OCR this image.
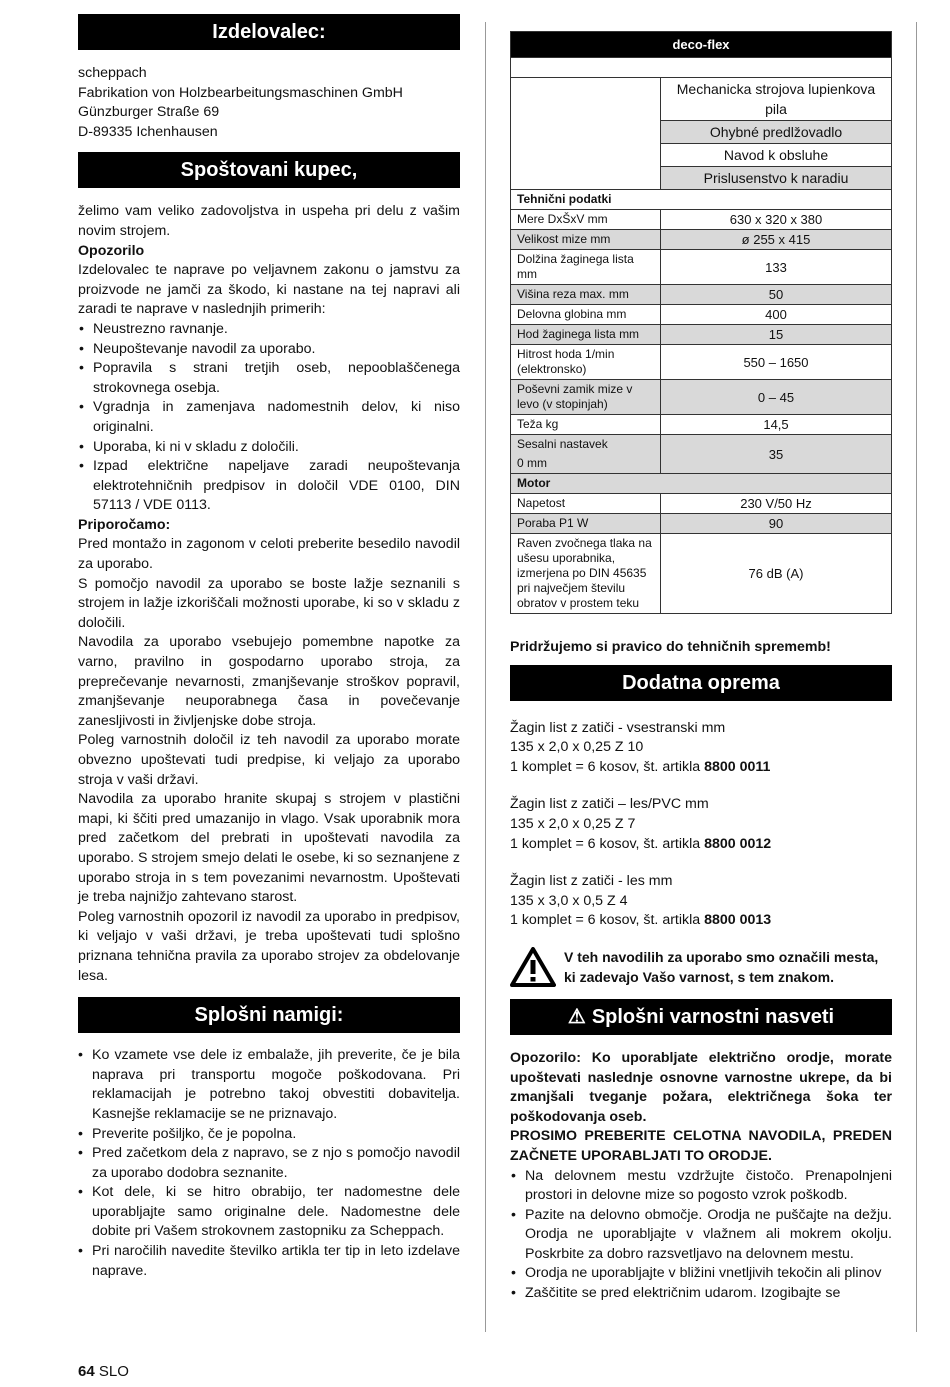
Izdelovalec:
scheppach
Fabrikation von Holzbearbeitungsmaschinen GmbH
Günzburger Straße 69
D-89335 Ichenhausen
Spoštovani kupec,

želimo vam veliko zadovoljstva in uspeha pri delu z vašim novim strojem.

Opozorilo

Izdelovalec te naprave po veljavnem zakonu o jamstvu za proizvode ne jamči za škodo, ki nastane na tej napravi ali zaradi te naprave v naslednjih primerih:

• Neustrezno ravnanje.
• Neupoštevanje navodil za uporabo.
• Popravila s strani tretjih oseb, nepooblaščenega strokovnega osebja.
• Vgradnja in zamenjava nadomestnih delov, ki niso originalni.
• Uporaba, ki ni v skladu z določili.
• Izpad električne napeljave zaradi neupoštevanja elektrotehničnih predpisov in določil VDE 0100, DIN 57113 / VDE 0113.

Priporočamo:

Pred montažo in zagonom v celoti preberite besedilo navodil za uporabo.

S pomočjo navodil za uporabo se boste lažje seznanili s strojem in lažje izkoriščali možnosti uporabe, ki so v skladu z določili.

Navodila za uporabo vsebujejo pomembne napotke za varno, pravilno in gospodarno uporabo stroja, za preprečevanje nevarnosti, zmanjševanje stroškov popravil, zmanjševanje neuporabnega časa in povečevanje zanesljivosti in življenjske dobe stroja.

Poleg varnostnih določil iz teh navodil za uporabo morate obvezno upoštevati tudi predpise, ki veljajo za uporabo stroja v vaši državi.

Navodila za uporabo hranite skupaj s strojem v plastični mapi, ki ščiti pred umazanijo in vlago. Vsak uporabnik mora pred začetkom del prebrati in upoštevati navodila za uporabo. S strojem smejo delati le osebe, ki so seznanjene z uporabo stroja in s tem povezanimi nevarnostm. Upoštevati je treba najnižjo zahtevano starost.

Poleg varnostnih opozoril iz navodil za uporabo in predpisov, ki veljajo v vaši državi, je treba upoštevati tudi splošno priznana tehnična pravila za uporabo strojev za obdelovanje lesa.

Splošni namigi:
• Ko vzamete vse dele iz embalaže, jih preverite, če je bila naprava pri transportu mogoče poškodovana. Pri reklamacijah je potrebno takoj obvestiti dobavitelja. Kasnejše reklamacije se ne priznavajo.
• Preverite pošiljko, če je popolna.
• Pred začetkom dela z napravo, se z njo s pomočjo navodil za uporabo dodobra seznanite.
• Kot dele, ki se hitro obrabijo, ter nadomestne dele uporabljajte samo originalne dele. Nadomestne dele dobite pri Vašem strokovnem zastopniku za Scheppach.
• Pri naročilih navedite številko artikla ter tip in leto izdelave naprave.
deco-flex	

	Mechanicka strojova lupienkova pila
	Ohybné predlžovadlo
	Navod k obsluhe
	Prislusenstvo k naradiu
Tehnični podatki	
Mere DxŠxV mm	630 x 320 x 380
Velikost mize mm	ø 255 x 415
Dolžina žaginega lista mm	133
Višina reza max. mm	50
Delovna globina mm	400
Hod žaginega lista mm	15
Hitrost hoda 1/min (elektronsko)	550 – 1650
Poševni zamik mize v levo (v stopinjah)	0 – 45
Teža kg	14,5

Sesalni nastavek
0 mm	35
Motor	
Napetost	230 V/50 Hz
Poraba P1 W	90
Raven zvočnega tlaka na ušesu uporabnika, izmerjena po DIN 45635 pri največjem številu obratov v prostem teku	76 dB (A)

Pridržujemo si pravico do tehničnih sprememb!

Dodatna oprema
Žagin list z zatiči - vsestranski mm
135 x 2,0 x 0,25 Z 10
1 komplet = 6 kosov, št. artikla 8800 0011
Žagin list z zatiči – les/PVC mm
135 x 2,0 x 0,25 Z 7
1 komplet = 6 kosov, št. artikla 8800 0012
Žagin list z zatiči - les mm
135 x 3,0 x 0,5 Z 4
1 komplet = 6 kosov, št. artikla 8800 0013
V teh navodilih za uporabo smo označili mesta, ki zadevajo Vašo varnost, s tem znakom.
⚠ Splošni varnostni nasveti

Opozorilo: Ko uporabljate električno orodje, morate upoštevati naslednje osnovne varnostne ukrepe, da bi zmanjšali tveganje požara, električnega šoka ter poškodovanja oseb.

PROSIMO PREBERITE CELOTNA NAVODILA, PREDEN ZAČNETE UPORABLJATI TO ORODJE.

• Na delovnem mestu vzdržujte čistočo. Prenapolnjeni prostori in delovne mize so pogosto vzrok poškodb.
• Pazite na delovno območje. Orodja ne puščajte na dežju. Orodja ne uporabljajte v vlažnem ali mokrem okolju. Poskrbite za dobro razsvetljavo na delovnem mestu.
• Orodja ne uporabljajte v bližini vnetljivih tekočin ali plinov
• Zaščitite se pred električnim udarom. Izogibajte se
64 SLO
